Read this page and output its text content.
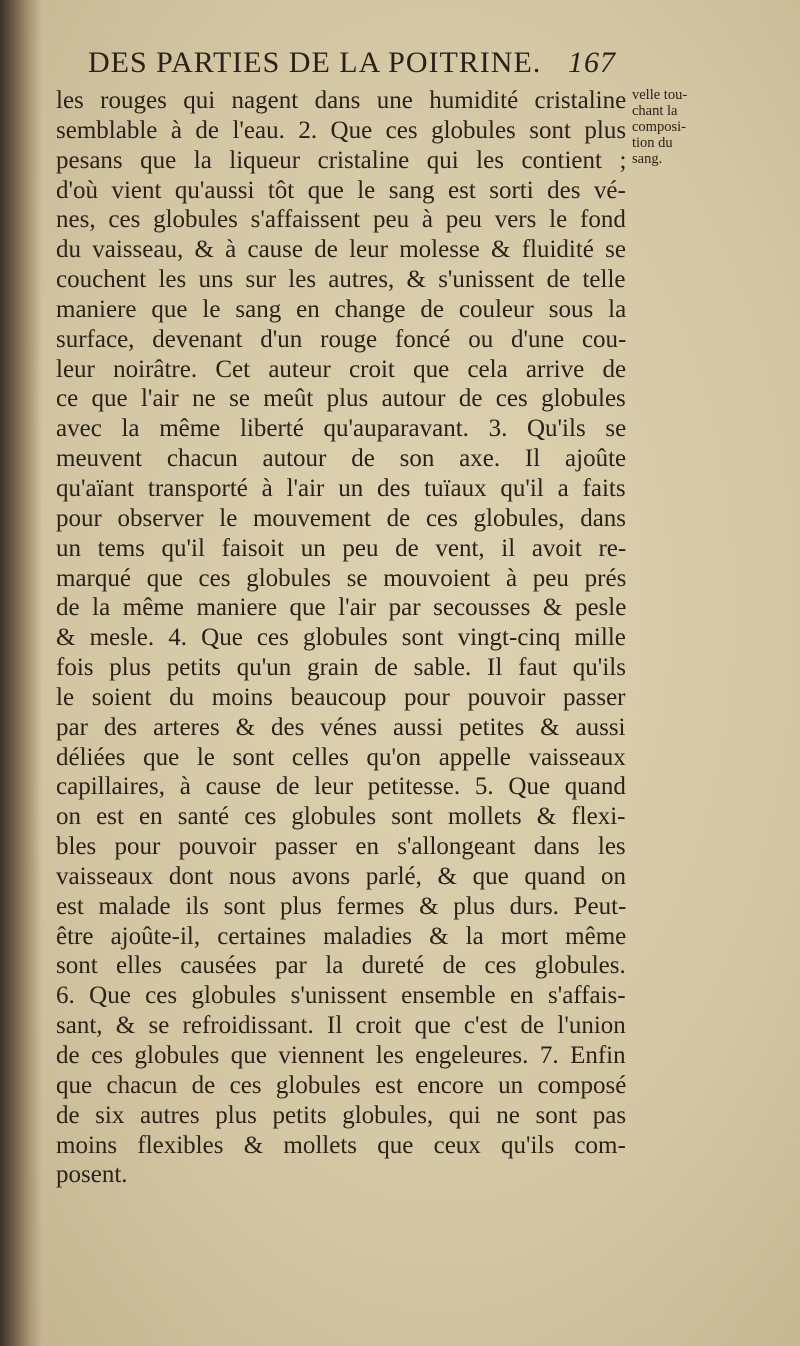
DES PARTIES DE LA POITRINE. 167
les rouges qui nagent dans une humidité cristaline
semblable à de l'eau. 2. Que ces globules sont plus
pesans que la liqueur cristaline qui les contient ;
d'où vient qu'aussi tôt que le sang est sorti des vé-
nes, ces globules s'affaissent peu à peu vers le fond
du vaisseau, & à cause de leur molesse & fluidité se
couchent les uns sur les autres, & s'unissent de telle
maniere que le sang en change de couleur sous la
surface, devenant d'un rouge foncé ou d'une cou-
leur noirâtre. Cet auteur croit que cela arrive de
ce que l'air ne se meût plus autour de ces globules
avec la même liberté qu'auparavant. 3. Qu'ils se
meuvent chacun autour de son axe. Il ajoûte
qu'aïant transporté à l'air un des tuïaux qu'il a faits
pour observer le mouvement de ces globules, dans
un tems qu'il faisoit un peu de vent, il avoit re-
marqué que ces globules se mouvoient à peu prés
de la même maniere que l'air par secousses & pesle
& mesle. 4. Que ces globules sont vingt-cinq mille
fois plus petits qu'un grain de sable. Il faut qu'ils
le soient du moins beaucoup pour pouvoir passer
par des arteres & des vénes aussi petites & aussi
déliées que le sont celles qu'on appelle vaisseaux
capillaires, à cause de leur petitesse. 5. Que quand
on est en santé ces globules sont mollets & flexi-
bles pour pouvoir passer en s'allongeant dans les
vaisseaux dont nous avons parlé, & que quand on
est malade ils sont plus fermes & plus durs. Peut-
être ajoûte-il, certaines maladies & la mort même
sont elles causées par la dureté de ces globules.
6. Que ces globules s'unissent ensemble en s'affais-
sant, & se refroidissant. Il croit que c'est de l'union
de ces globules que viennent les engeleures. 7. Enfin
que chacun de ces globules est encore un composé
de six autres plus petits globules, qui ne sont pas
moins flexibles & mollets que ceux qu'ils com-
posent.
velle tou-
chant la
composi-
tion du
sang.
